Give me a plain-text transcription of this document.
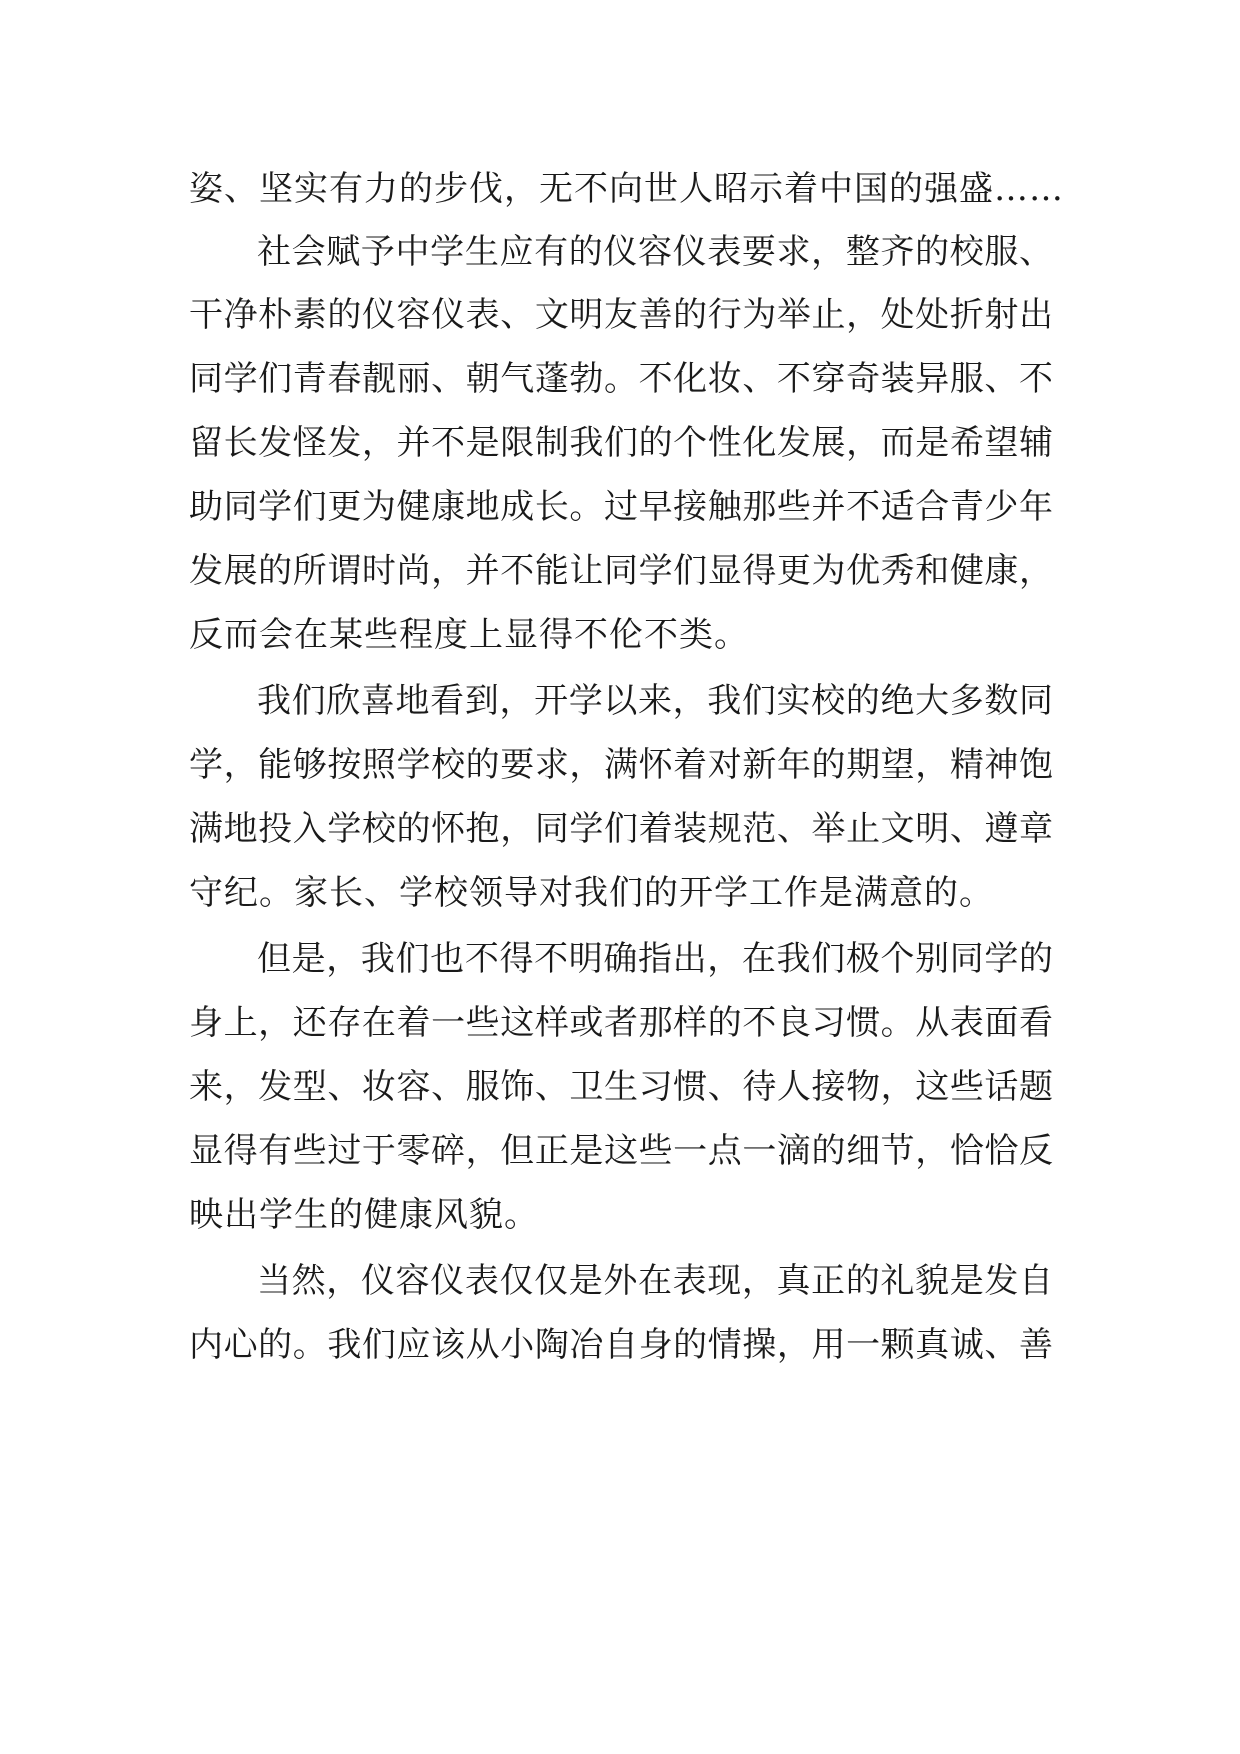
姿、坚实有力的步伐，无不向世人昭示着中国的强盛……
社会赋予中学生应有的仪容仪表要求，整齐的校服、
干净朴素的仪容仪表、文明友善的行为举止，处处折射出
同学们青春靓丽、朝气蓬勃。不化妆、不穿奇装异服、不
留长发怪发，并不是限制我们的个性化发展，而是希望辅
助同学们更为健康地成长。过早接触那些并不适合青少年
发展的所谓时尚，并不能让同学们显得更为优秀和健康，
反而会在某些程度上显得不伦不类。
我们欣喜地看到，开学以来，我们实校的绝大多数同
学，能够按照学校的要求，满怀着对新年的期望，精神饱
满地投入学校的怀抱，同学们着装规范、举止文明、遵章
守纪。家长、学校领导对我们的开学工作是满意的。
但是，我们也不得不明确指出，在我们极个别同学的
身上，还存在着一些这样或者那样的不良习惯。从表面看
来，发型、妆容、服饰、卫生习惯、待人接物，这些话题
显得有些过于零碎，但正是这些一点一滴的细节，恰恰反
映出学生的健康风貌。
当然，仪容仪表仅仅是外在表现，真正的礼貌是发自
内心的。我们应该从小陶冶自身的情操，用一颗真诚、善
